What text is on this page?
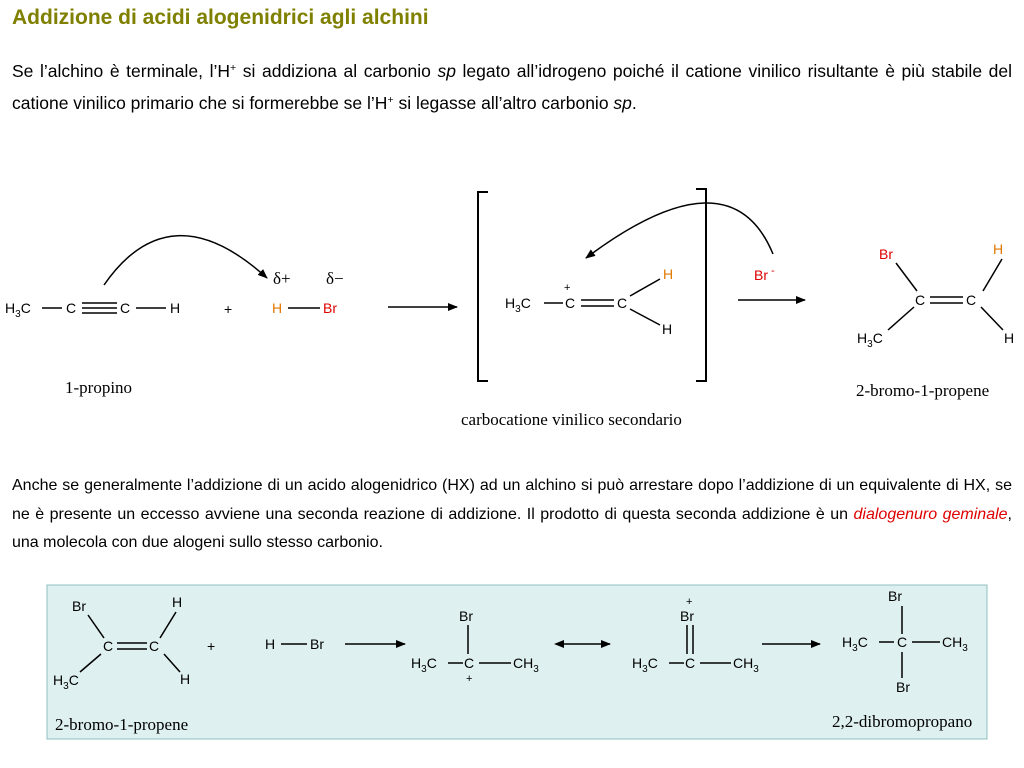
Addizione di acidi alogenidrici agli alchini

Se l’alchino è terminale, l’H+ si addiziona al carbonio sp legato all’idrogeno poiché il catione vinilico risultante è più stabile del catione vinilico primario che si formerebbe se l’H+ si legasse all’altro carbonio sp.

Anche se generalmente l’addizione di un acido alogenidrico (HX) ad un alchino si può arrestare dopo l’addizione di un equivalente di HX, se ne è presente un eccesso avviene una seconda reazione di addizione. Il prodotto di questa seconda addizione è un dialogenuro geminale, una molecola con due alogeni sullo stesso carbonio.

$H_3C$	C	C	H	+
δ+ δ−
H	Br
1-propino
$H_3C$
+
C	C
H
H
carbocatione vinilico secondario
Br -
Br	H
C	C
$H_3C$	H
2-bromo-1-propene
Br	H
C	C
$H_3C$	H
2-bromo-1-propene
+	H Br
Br
$H_3C$ C	$CH_3$
+
+
Br
$H_3C$ C	$CH_3$
Br
$H_3C$ C $CH_3$
Br
2,2-dibromopropano
